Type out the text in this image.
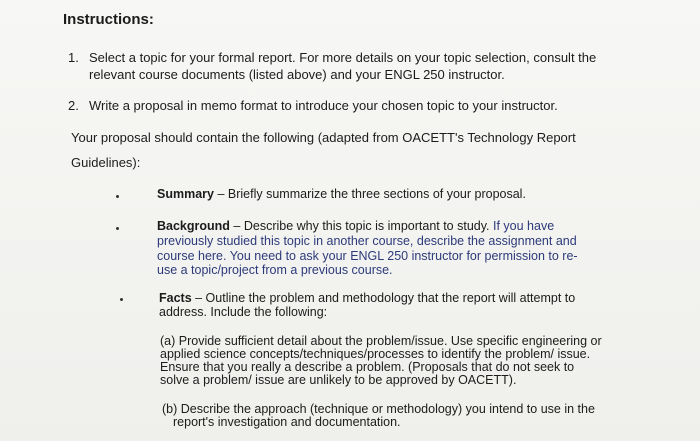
Instructions:
1. Select a topic for your formal report. For more details on your topic selection, consult the
relevant course documents (listed above) and your ENGL 250 instructor.
2. Write a proposal in memo format to introduce your chosen topic to your instructor.
Your proposal should contain the following (adapted from OACETT's Technology Report
Guidelines):
Summary – Briefly summarize the three sections of your proposal.
Background – Describe why this topic is important to study. If you have
previously studied this topic in another course, describe the assignment and
course here. You need to ask your ENGL 250 instructor for permission to re-
use a topic/project from a previous course.
Facts – Outline the problem and methodology that the report will attempt to
address. Include the following:
(a) Provide sufficient detail about the problem/issue. Use specific engineering or
applied science concepts/techniques/processes to identify the problem/ issue.
Ensure that you really a describe a problem. (Proposals that do not seek to
solve a problem/ issue are unlikely to be approved by OACETT).
(b) Describe the approach (technique or methodology) you intend to use in the
report's investigation and documentation.
